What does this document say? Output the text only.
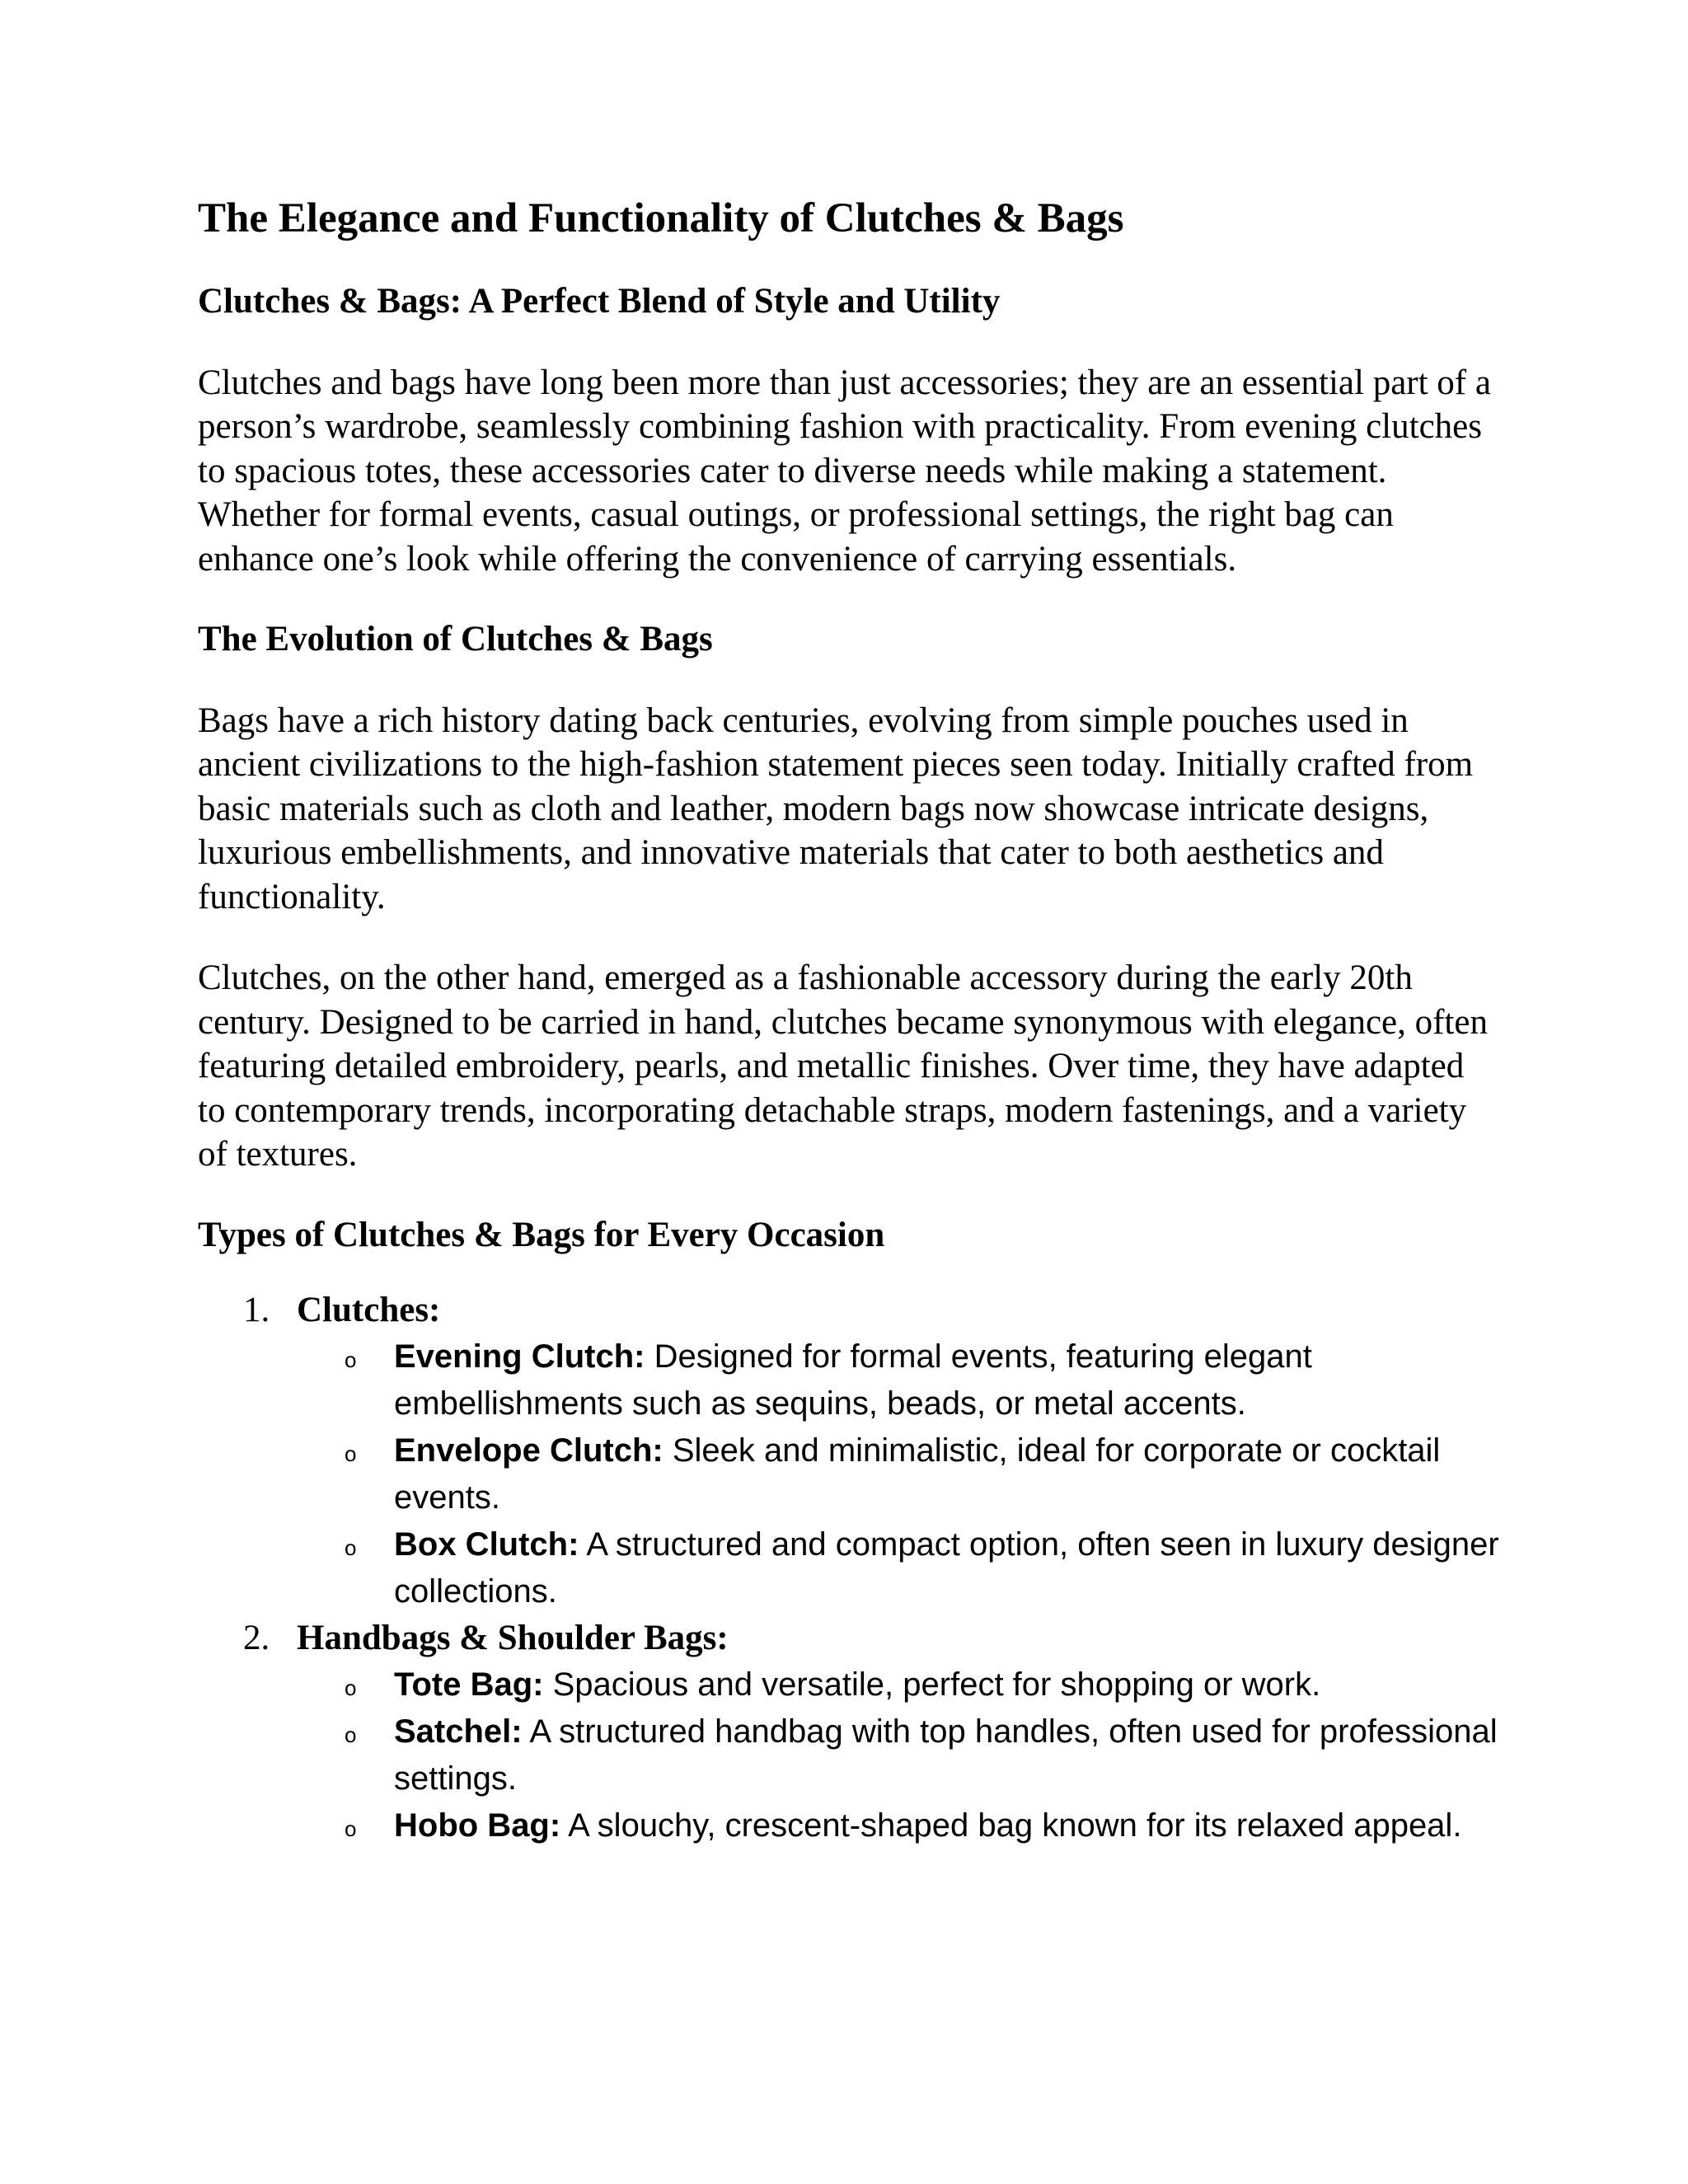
The Elegance and Functionality of Clutches & Bags
Clutches & Bags: A Perfect Blend of Style and Utility

Clutches and bags have long been more than just accessories; they are an essential part of a person’s wardrobe, seamlessly combining fashion with practicality. From evening clutches to spacious totes, these accessories cater to diverse needs while making a statement. Whether for formal events, casual outings, or professional settings, the right bag can enhance one’s look while offering the convenience of carrying essentials.

The Evolution of Clutches & Bags

Bags have a rich history dating back centuries, evolving from simple pouches used in ancient civilizations to the high-fashion statement pieces seen today. Initially crafted from basic materials such as cloth and leather, modern bags now showcase intricate designs, luxurious embellishments, and innovative materials that cater to both aesthetics and functionality.

Clutches, on the other hand, emerged as a fashionable accessory during the early 20th century. Designed to be carried in hand, clutches became synonymous with elegance, often featuring detailed embroidery, pearls, and metallic finishes. Over time, they have adapted to contemporary trends, incorporating detachable straps, modern fastenings, and a variety of textures.

Types of Clutches & Bags for Every Occasion
1. Clutches:
o Evening Clutch: Designed for formal events, featuring elegant embellishments such as sequins, beads, or metal accents.
o Envelope Clutch: Sleek and minimalistic, ideal for corporate or cocktail events.
o Box Clutch: A structured and compact option, often seen in luxury designer collections.
2. Handbags & Shoulder Bags:
o Tote Bag: Spacious and versatile, perfect for shopping or work.
o Satchel: A structured handbag with top handles, often used for professional settings.
o Hobo Bag: A slouchy, crescent-shaped bag known for its relaxed appeal.
